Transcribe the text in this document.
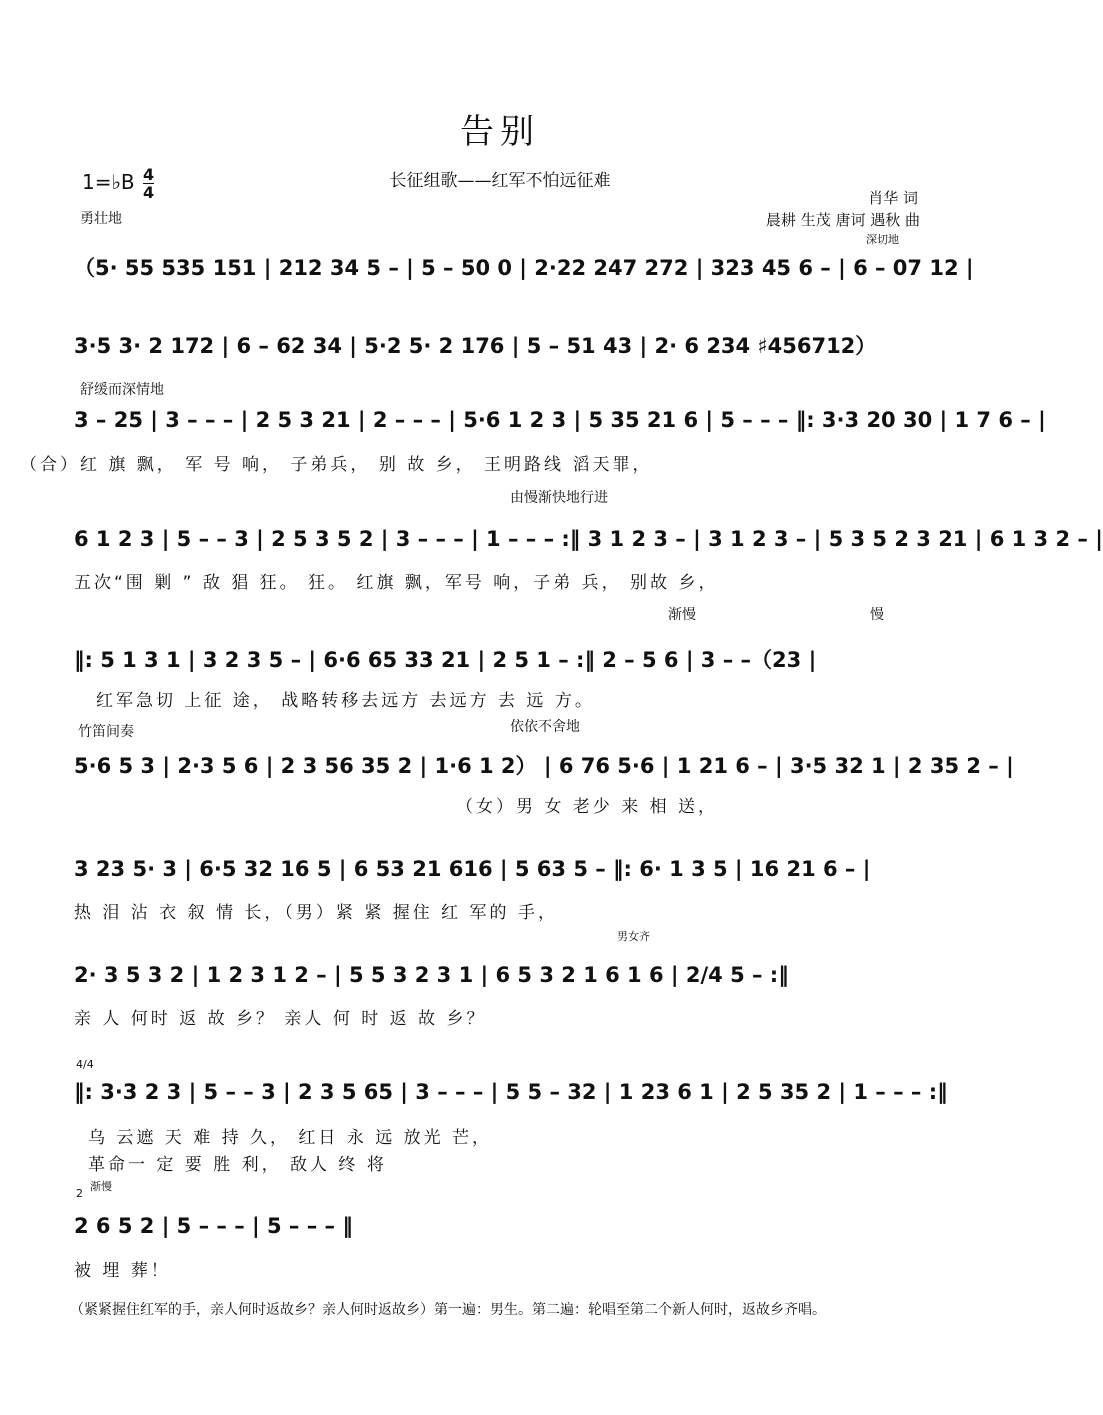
告别
1=♭B $\frac{4}{4}$	长征组歌——红军不怕远征难
肖华 词
晨耕 生茂 唐诃 遇秋 曲
勇壮地
深切地
（5· 55 535 151 | 212 34 5 – | 5 – 50 0 | 2·22 247 272 | 323 45 6 – | 6 – 07 12 |
3·5 3· 2 172 | 6 – 62 34 | 5·2 5· 2 176 | 5 – 51 43 | 2· 6 234 ♯456712）
舒缓而深情地
3 – 25 | 3 – – – | 2 5 3 21 | 2 – – – | 5·6 1 2 3 | 5 35 21 6 | 5 – – – ‖: 3·3 20 30 | 1 7 6 – |
（合）红 旗 飘， 军 号 响， 子弟兵， 别 故 乡， 王明路线 滔天罪，
由慢渐快地行进
6 1 2 3 | 5 – – 3 | 2 5 3 5 2 | 3 – – – | 1 – – – :‖ 3 1 2 3 – | 3 1 2 3 – | 5 3 5 2 3 21 | 6 1 3 2 – |
五次“围 剿 ” 敌 猖 狂。 狂。 红旗 飘，军号 响，子弟 兵， 别故 乡，
渐慢	慢
‖: 5 1 3 1 | 3 2 3 5 – | 6·6 65 33 21 | 2 5 1 – :‖ 2 – 5 6 | 3 – –（23 |
红军急切 上征 途， 战略转移去远方 去远方 去 远 方。
竹笛间奏	依依不舍地
5·6 5 3 | 2·3 5 6 | 2 3 56 35 2 | 1·6 1 2） | 6 76 5·6 | 1 21 6 – | 3·5 32 1 | 2 35 2 – |
（女）男 女 老少 来 相 送，
3 23 5· 3 | 6·5 32 16 5 | 6 53 21 616 | 5 63 5 – ‖: 6· 1 3 5 | 16 21 6 – |
热 泪 沾 衣 叙 情 长，（男）紧 紧 握住 红 军的 手，
男女齐
2· 3 5 3 2 | 1 2 3 1 2 – | 5 5 3 2 3 1 | 6 5 3 2 1 6 1 6 | 2/4 5 – :‖
亲 人 何时 返 故 乡？ 亲人 何 时 返 故 乡？
4/4
‖: 3·3 2 3 | 5 – – 3 | 2 3 5 65 | 3 – – – | 5 5 – 32 | 1 23 6 1 | 2 5 35 2 | 1 – – – :‖
乌 云遮 天 难 持 久， 红日 永 远 放光 芒，
革命一 定 要 胜 利， 敌人 终 将
2
渐慢
2 6 5 2 | 5 – – – | 5 – – – ‖
被 埋 葬！
（紧紧握住红军的手，亲人何时返故乡？亲人何时返故乡）第一遍：男生。第二遍：轮唱至第二个新人何时，返故乡齐唱。
